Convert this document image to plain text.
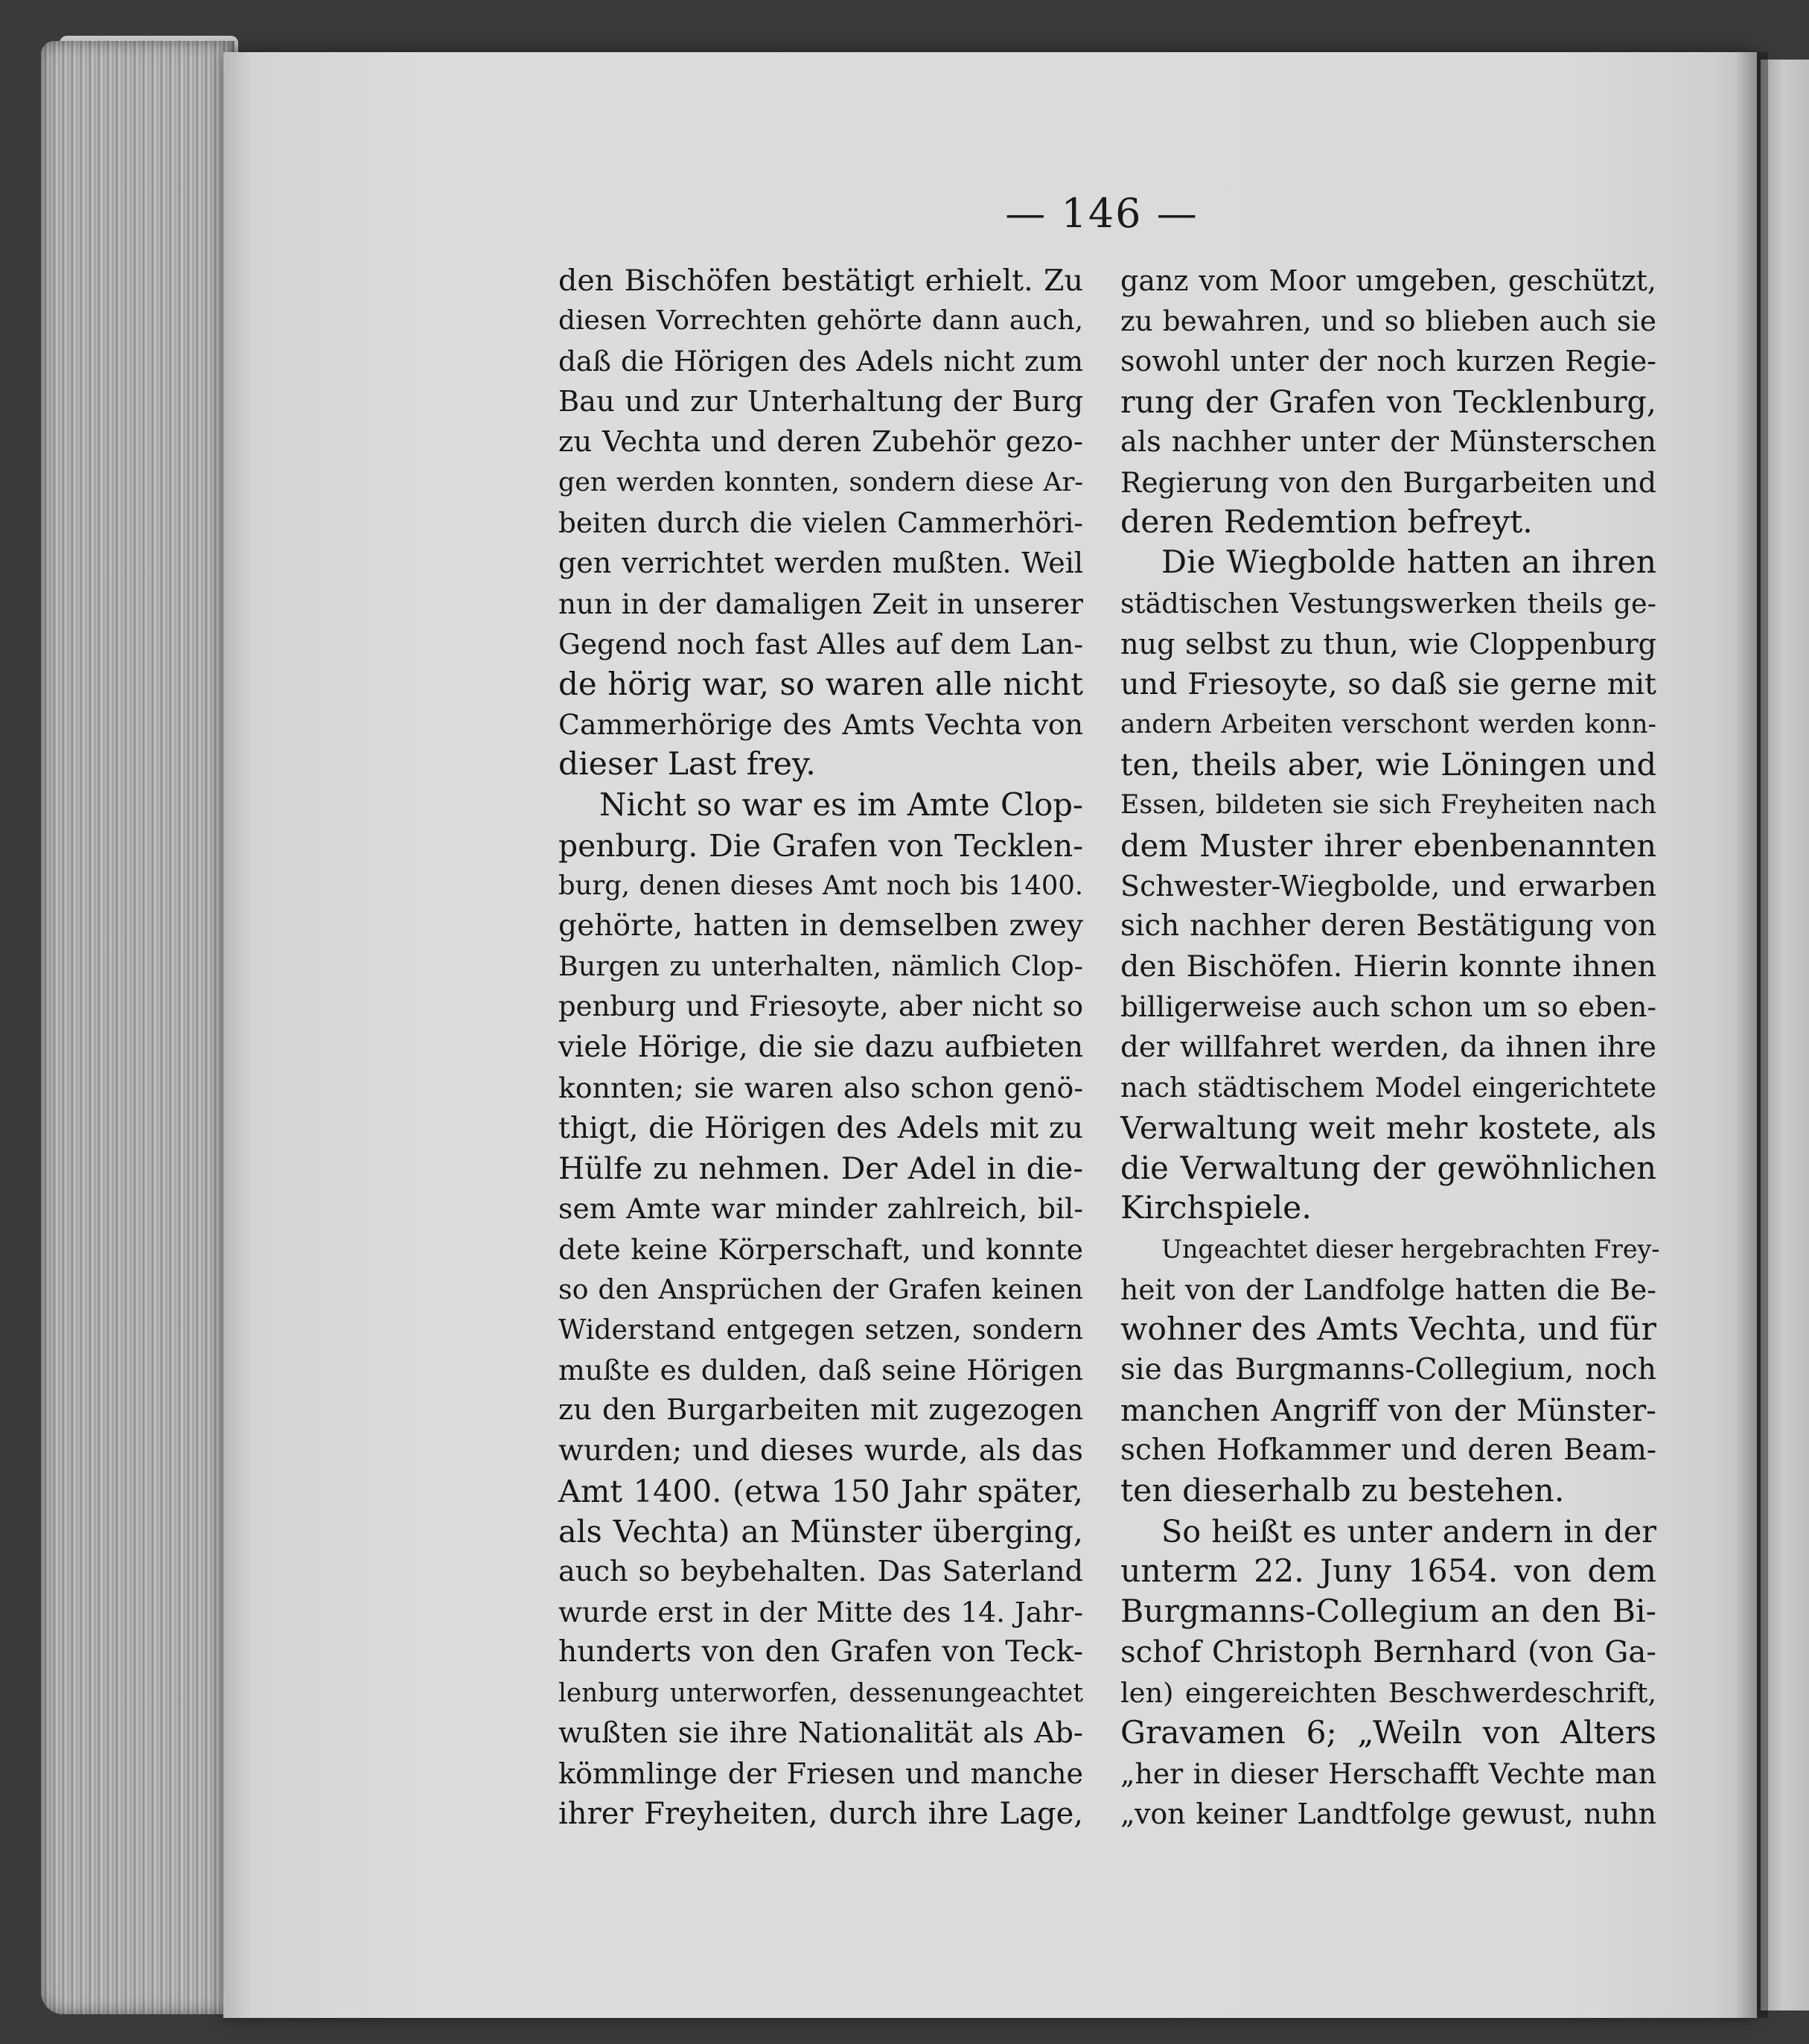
— 146 —
den Bischöfen bestätigt erhielt. Zu
diesen Vorrechten gehörte dann auch,
daß die Hörigen des Adels nicht zum
Bau und zur Unterhaltung der Burg
zu Vechta und deren Zubehör gezo-
gen werden konnten, sondern diese Ar-
beiten durch die vielen Cammerhöri-
gen verrichtet werden mußten. Weil
nun in der damaligen Zeit in unserer
Gegend noch fast Alles auf dem Lan-
de hörig war, so waren alle nicht
Cammerhörige des Amts Vechta von
dieser Last frey.
Nicht so war es im Amte Clop-
penburg. Die Grafen von Tecklen-
burg, denen dieses Amt noch bis 1400.
gehörte, hatten in demselben zwey
Burgen zu unterhalten, nämlich Clop-
penburg und Friesoyte, aber nicht so
viele Hörige, die sie dazu aufbieten
konnten; sie waren also schon genö-
thigt, die Hörigen des Adels mit zu
Hülfe zu nehmen. Der Adel in die-
sem Amte war minder zahlreich, bil-
dete keine Körperschaft, und konnte
so den Ansprüchen der Grafen keinen
Widerstand entgegen setzen, sondern
mußte es dulden, daß seine Hörigen
zu den Burgarbeiten mit zugezogen
wurden; und dieses wurde, als das
Amt 1400. (etwa 150 Jahr später,
als Vechta) an Münster überging,
auch so beybehalten. Das Saterland
wurde erst in der Mitte des 14. Jahr-
hunderts von den Grafen von Teck-
lenburg unterworfen, dessenungeachtet
wußten sie ihre Nationalität als Ab-
kömmlinge der Friesen und manche
ihrer Freyheiten, durch ihre Lage,
ganz vom Moor umgeben, geschützt,
zu bewahren, und so blieben auch sie
sowohl unter der noch kurzen Regie-
rung der Grafen von Tecklenburg,
als nachher unter der Münsterschen
Regierung von den Burgarbeiten und
deren Redemtion befreyt.
Die Wiegbolde hatten an ihren
städtischen Vestungswerken theils ge-
nug selbst zu thun, wie Cloppenburg
und Friesoyte, so daß sie gerne mit
andern Arbeiten verschont werden konn-
ten, theils aber, wie Löningen und
Essen, bildeten sie sich Freyheiten nach
dem Muster ihrer ebenbenannten
Schwester-Wiegbolde, und erwarben
sich nachher deren Bestätigung von
den Bischöfen. Hierin konnte ihnen
billigerweise auch schon um so eben-
der willfahret werden, da ihnen ihre
nach städtischem Model eingerichtete
Verwaltung weit mehr kostete, als
die Verwaltung der gewöhnlichen
Kirchspiele.
Ungeachtet dieser hergebrachten Frey-
heit von der Landfolge hatten die Be-
wohner des Amts Vechta, und für
sie das Burgmanns-Collegium, noch
manchen Angriff von der Münster-
schen Hofkammer und deren Beam-
ten dieserhalb zu bestehen.
So heißt es unter andern in der
unterm 22. Juny 1654. von dem
Burgmanns-Collegium an den Bi-
schof Christoph Bernhard (von Ga-
len) eingereichten Beschwerdeschrift,
Gravamen 6; „Weiln von Alters
„her in dieser Herschafft Vechte man
„von keiner Landtfolge gewust, nuhn
